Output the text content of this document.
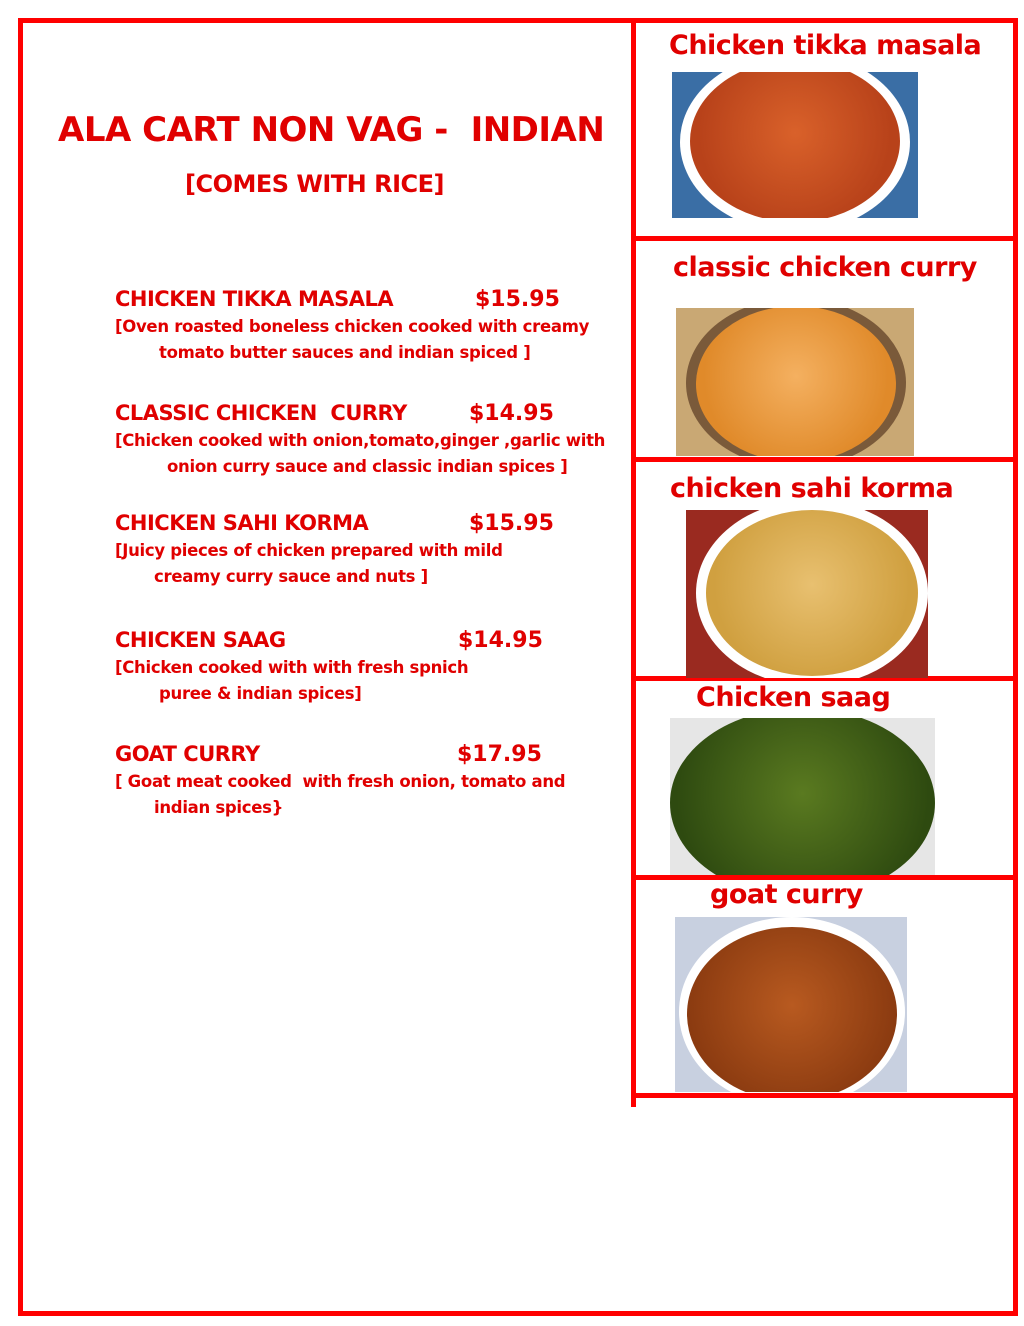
ALA CART NON VAG -  INDIAN
[COMES WITH RICE]
CHICKEN TIKKA MASALA	$15.95
[Oven roasted boneless chicken cooked with creamy
tomato butter sauces and indian spiced ]
CLASSIC CHICKEN  CURRY	$14.95
[Chicken cooked with onion,tomato,ginger ,garlic with
onion curry sauce and classic indian spices ]
CHICKEN SAHI KORMA	$15.95
[Juicy pieces of chicken prepared with mild
creamy curry sauce and nuts ]
CHICKEN SAAG	$14.95
[Chicken cooked with with fresh spnich
puree & indian spices]
GOAT CURRY	$17.95
[ Goat meat cooked  with fresh onion, tomato and
indian spices}
Chicken tikka masala
classic chicken curry
chicken sahi korma
Chicken saag
goat curry
